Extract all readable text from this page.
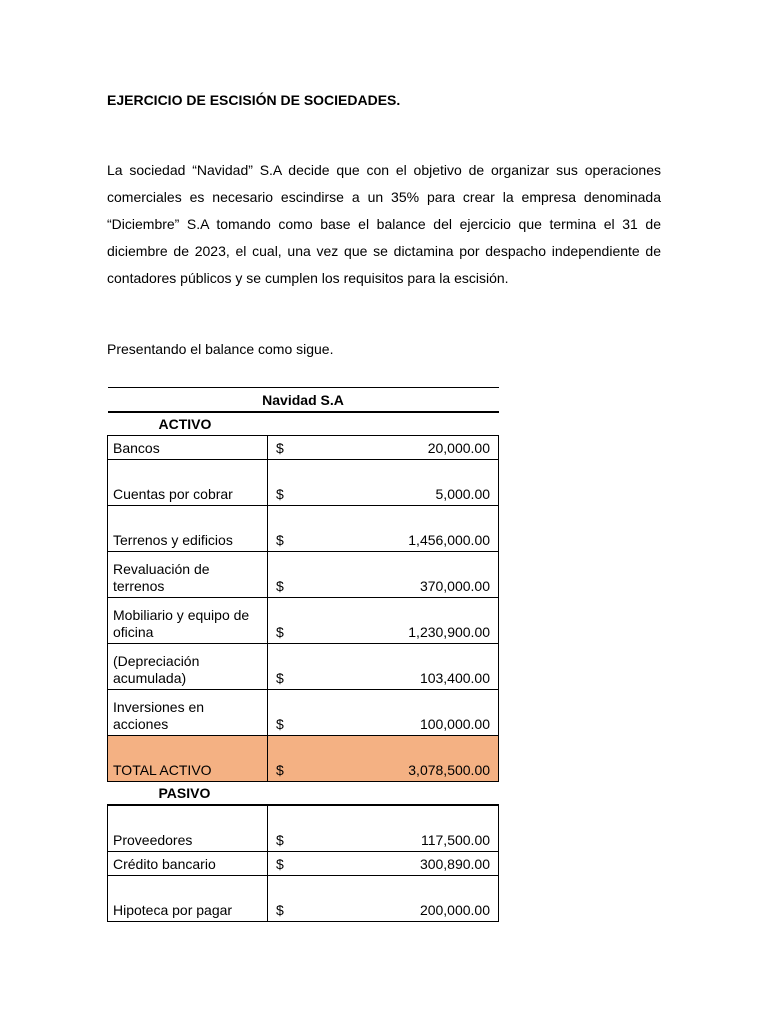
EJERCICIO DE ESCISIÓN DE SOCIEDADES.

La sociedad “Navidad” S.A decide que con el objetivo de organizar sus operaciones comerciales es necesario escindirse a un 35% para crear la empresa denominada “Diciembre” S.A tomando como base el balance del ejercicio que termina el 31 de diciembre de 2023, el cual, una vez que se dictamina por despacho independiente de contadores públicos y se cumplen los requisitos para la escisión.

Presentando el balance como sigue.
Navidad S.A		
ACTIVO		
Bancos	$	20,000.00
Cuentas por cobrar	$	5,000.00
Terrenos y edificios	$	1,456,000.00
Revaluación de terrenos	$	370,000.00
Mobiliario y equipo de oficina	$	1,230,900.00
(Depreciación acumulada)	$	103,400.00
Inversiones en acciones	$	100,000.00
TOTAL ACTIVO	$	3,078,500.00
PASIVO		
Proveedores	$	117,500.00
Crédito bancario	$	300,890.00
Hipoteca por pagar	$	200,000.00
